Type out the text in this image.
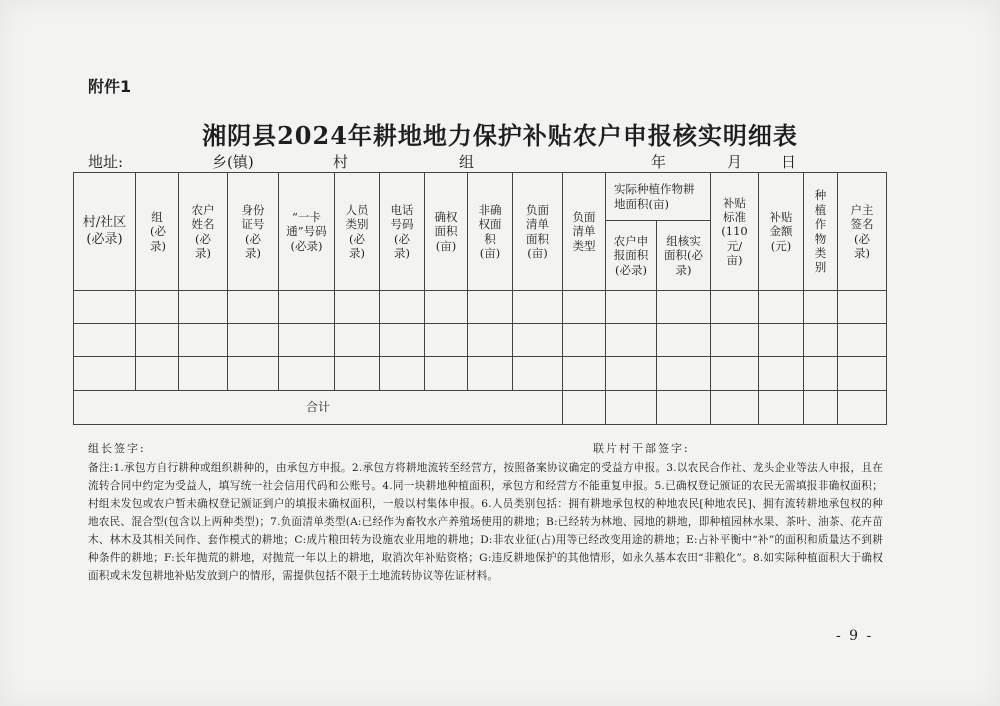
附件1
湘阴县2024年耕地地力保护补贴农户申报核实明细表
地址:	乡(镇)	村	组	年	月	日
村/社区(必录)	组(必录)	农户姓名(必录)	身份证号(必录)	“一卡通”号码(必录)	人员类别(必录)	电话号码(必录)	确权面积(亩)	非确权面积(亩)	负面清单面积(亩)	负面清单类型	实际种植作物耕地面积(亩)		补贴标准(110元/亩)	补贴金额(元)	种植作物类别	户主签名(必录)
											农户申报面积(必录)	组核实面积(必录)				

合计																
组长签字:	联片村干部签字:
备注:1.承包方自行耕种或组织耕种的，由承包方申报。2.承包方将耕地流转至经营方，按照备案协议确定的受益方申报。3.以农民合作社、龙头企业等法人申报，且在流转合同中约定为受益人，填写统一社会信用代码和公账号。4.同一块耕地种植面积，承包方和经营方不能重复申报。5.已确权登记颁证的农民无需填报非确权面积；村组未发包或农户暂未确权登记颁证到户的填报未确权面积，一般以村集体申报。6.人员类别包括：拥有耕地承包权的种地农民[种地农民]、拥有流转耕地承包权的种地农民、混合型(包含以上两种类型)；7.负面清单类型(A:已经作为畜牧水产养殖场使用的耕地；B:已经转为林地、园地的耕地，即种植园林水果、茶叶、油茶、花卉苗木、林木及其相关间作、套作模式的耕地；C:成片粮田转为设施农业用地的耕地；D:非农业征(占)用等已经改变用途的耕地；E:占补平衡中“补”的面积和质量达不到耕种条件的耕地；F:长年抛荒的耕地，对抛荒一年以上的耕地，取消次年补贴资格；G:违反耕地保护的其他情形，如永久基本农田“非粮化”。8.如实际种植面积大于确权面积或未发包耕地补贴发放到户的情形，需提供包括不限于土地流转协议等佐证材料。
- 9 -
